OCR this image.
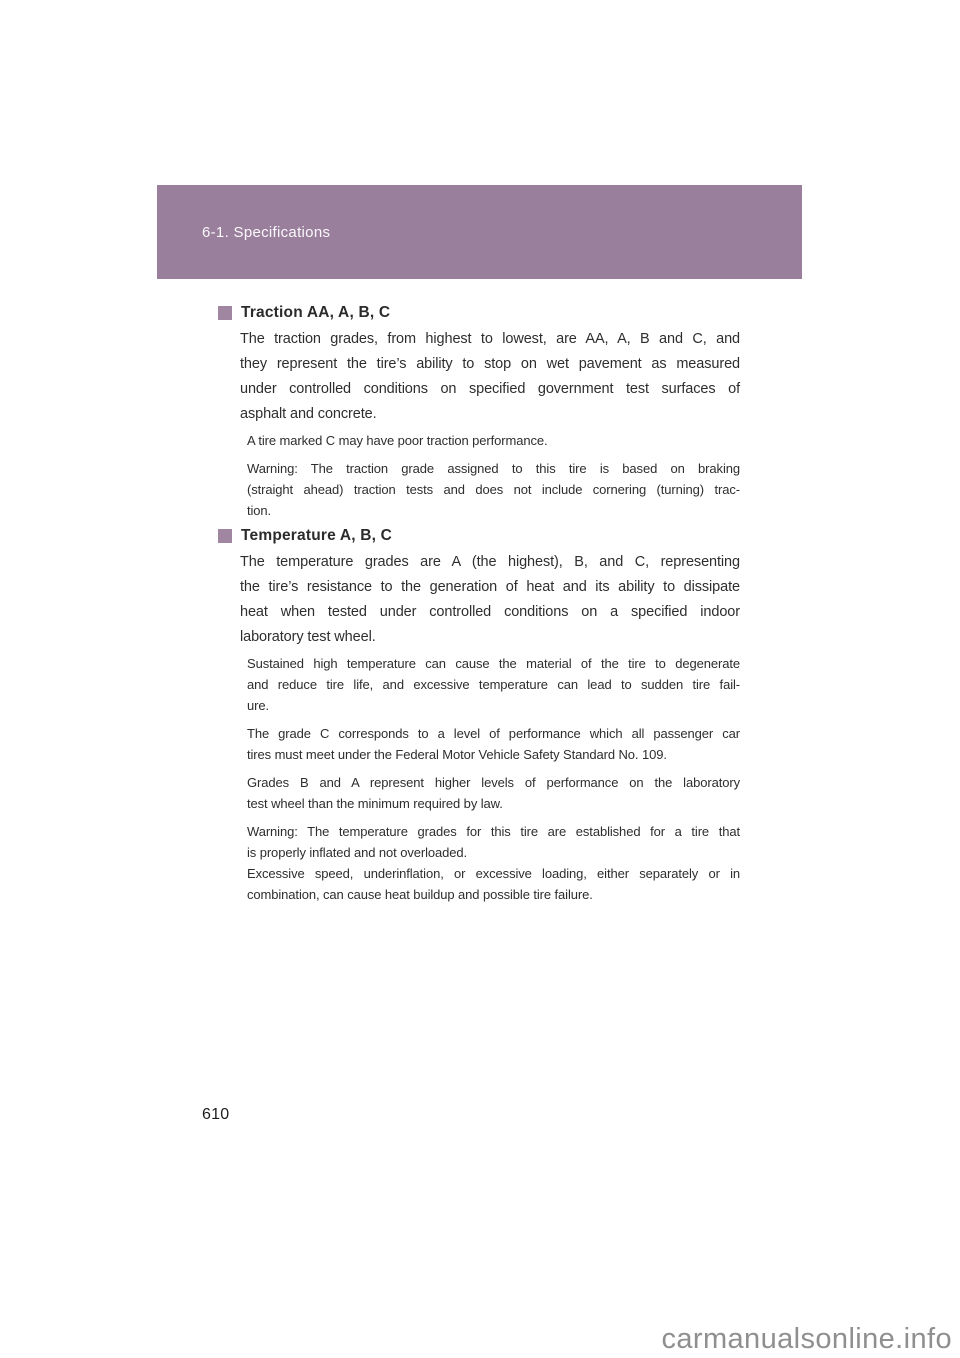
6-1. Specifications
Traction AA, A, B, C
The traction grades, from highest to lowest, are AA, A, B and C, and
they represent the tire’s ability to stop on wet pavement as measured
under controlled conditions on specified government test surfaces of
asphalt and concrete.
A tire marked C may have poor traction performance.
Warning: The traction grade assigned to this tire is based on braking
(straight ahead) traction tests and does not include cornering (turning) trac-
tion.
Temperature A, B, C
The temperature grades are A (the highest), B, and C, representing
the tire’s resistance to the generation of heat and its ability to dissipate
heat when tested under controlled conditions on a specified indoor
laboratory test wheel.
Sustained high temperature can cause the material of the tire to degenerate
and reduce tire life, and excessive temperature can lead to sudden tire fail-
ure.
The grade C corresponds to a level of performance which all passenger car
tires must meet under the Federal Motor Vehicle Safety Standard No. 109.
Grades B and A represent higher levels of performance on the laboratory
test wheel than the minimum required by law.
Warning: The temperature grades for this tire are established for a tire that
is properly inflated and not overloaded.
Excessive speed, underinflation, or excessive loading, either separately or in
combination, can cause heat buildup and possible tire failure.
610
carmanualsonline.info
